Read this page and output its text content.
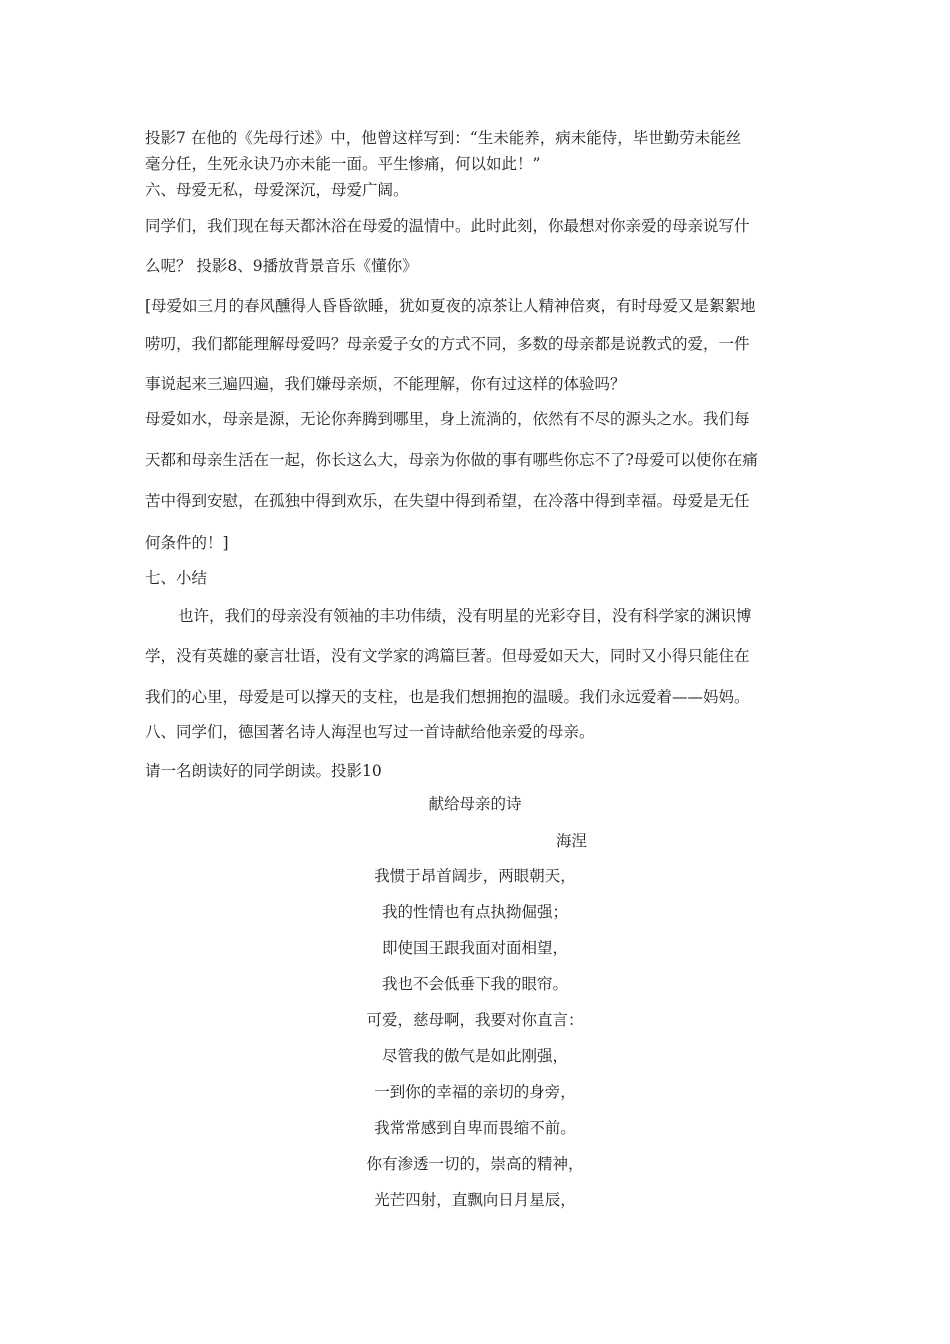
投影7 在他的《先母行述》中，他曾这样写到：“生未能养，病未能侍，毕世勤劳未能丝
毫分任，生死永诀乃亦未能一面。平生惨痛，何以如此！”
六、母爱无私，母爱深沉，母爱广阔。
同学们，我们现在每天都沐浴在母爱的温情中。此时此刻，你最想对你亲爱的母亲说写什
么呢？ 投影8、9播放背景音乐《懂你》
[母爱如三月的春风醺得人昏昏欲睡，犹如夏夜的凉茶让人精神倍爽，有时母爱又是絮絮地
唠叨，我们都能理解母爱吗？母亲爱子女的方式不同，多数的母亲都是说教式的爱，一件
事说起来三遍四遍，我们嫌母亲烦，不能理解，你有过这样的体验吗？
母爱如水，母亲是源，无论你奔腾到哪里，身上流淌的，依然有不尽的源头之水。我们每
天都和母亲生活在一起，你长这么大，母亲为你做的事有哪些你忘不了?母爱可以使你在痛
苦中得到安慰，在孤独中得到欢乐，在失望中得到希望，在冷落中得到幸福。母爱是无任
何条件的！]
七、小结
也许，我们的母亲没有领袖的丰功伟绩，没有明星的光彩夺目，没有科学家的渊识博
学，没有英雄的豪言壮语，没有文学家的鸿篇巨著。但母爱如天大，同时又小得只能住在
我们的心里，母爱是可以撑天的支柱，也是我们想拥抱的温暖。我们永远爱着——妈妈。
八、同学们，德国著名诗人海涅也写过一首诗献给他亲爱的母亲。
请一名朗读好的同学朗读。投影10
献给母亲的诗
海涅
我惯于昂首阔步，两眼朝天，
我的性情也有点执拗倔强；
即使国王跟我面对面相望，
我也不会低垂下我的眼帘。
可爱，慈母啊，我要对你直言：
尽管我的傲气是如此刚强，
一到你的幸福的亲切的身旁，
我常常感到自卑而畏缩不前。
你有渗透一切的，崇高的精神，
光芒四射，直飘向日月星辰，
